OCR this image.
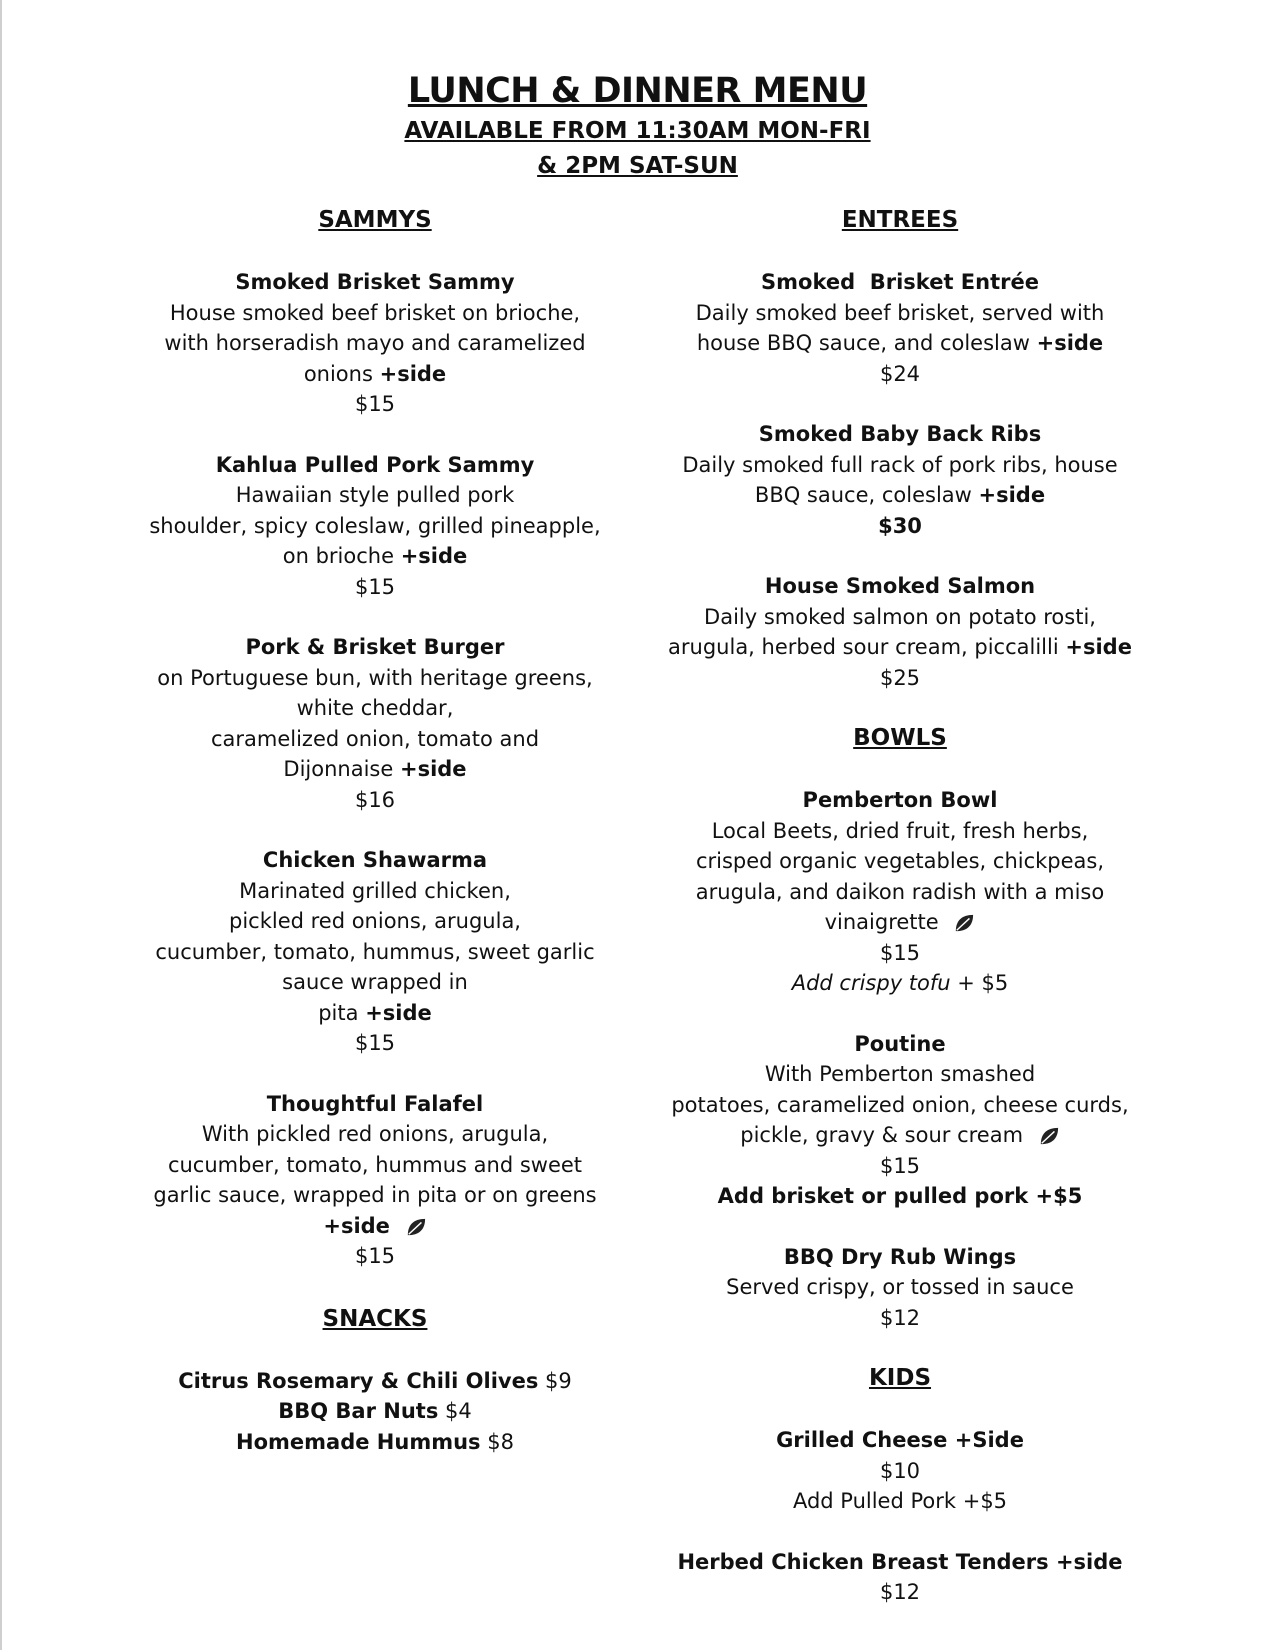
LUNCH & DINNER MENU

AVAILABLE FROM 11:30AM MON-FRI

& 2PM SAT-SUN

SAMMYS
Smoked Brisket Sammy
House smoked beef brisket on brioche,
with horseradish mayo and caramelized
onions +side
$15
Kahlua Pulled Pork Sammy
Hawaiian style pulled pork
shoulder, spicy coleslaw, grilled pineapple,
on brioche +side
$15
Pork & Brisket Burger
on Portuguese bun, with heritage greens,
white cheddar,
caramelized onion, tomato and
Dijonnaise +side
$16
Chicken Shawarma
Marinated grilled chicken,
pickled red onions, arugula,
cucumber, tomato, hummus, sweet garlic
sauce wrapped in
pita +side
$15
Thoughtful Falafel
With pickled red onions, arugula,
cucumber, tomato, hummus and sweet
garlic sauce, wrapped in pita or on greens
+side
$15
SNACKS
Citrus Rosemary & Chili Olives $9
BBQ Bar Nuts $4
Homemade Hummus $8
ENTREES
Smoked  Brisket Entrée
Daily smoked beef brisket, served with
house BBQ sauce, and coleslaw +side
$24
Smoked Baby Back Ribs
Daily smoked full rack of pork ribs, house
BBQ sauce, coleslaw +side
$30
House Smoked Salmon
Daily smoked salmon on potato rosti,
arugula, herbed sour cream, piccalilli +side
$25
BOWLS
Pemberton Bowl
Local Beets, dried fruit, fresh herbs,
crisped organic vegetables, chickpeas,
arugula, and daikon radish with a miso
vinaigrette
$15
Add crispy tofu + $5
Poutine
With Pemberton smashed
potatoes, caramelized onion, cheese curds,
pickle, gravy & sour cream
$15
Add brisket or pulled pork +$5
BBQ Dry Rub Wings
Served crispy, or tossed in sauce
$12
KIDS
Grilled Cheese +Side
$10
Add Pulled Pork +$5
Herbed Chicken Breast Tenders +side
$12
